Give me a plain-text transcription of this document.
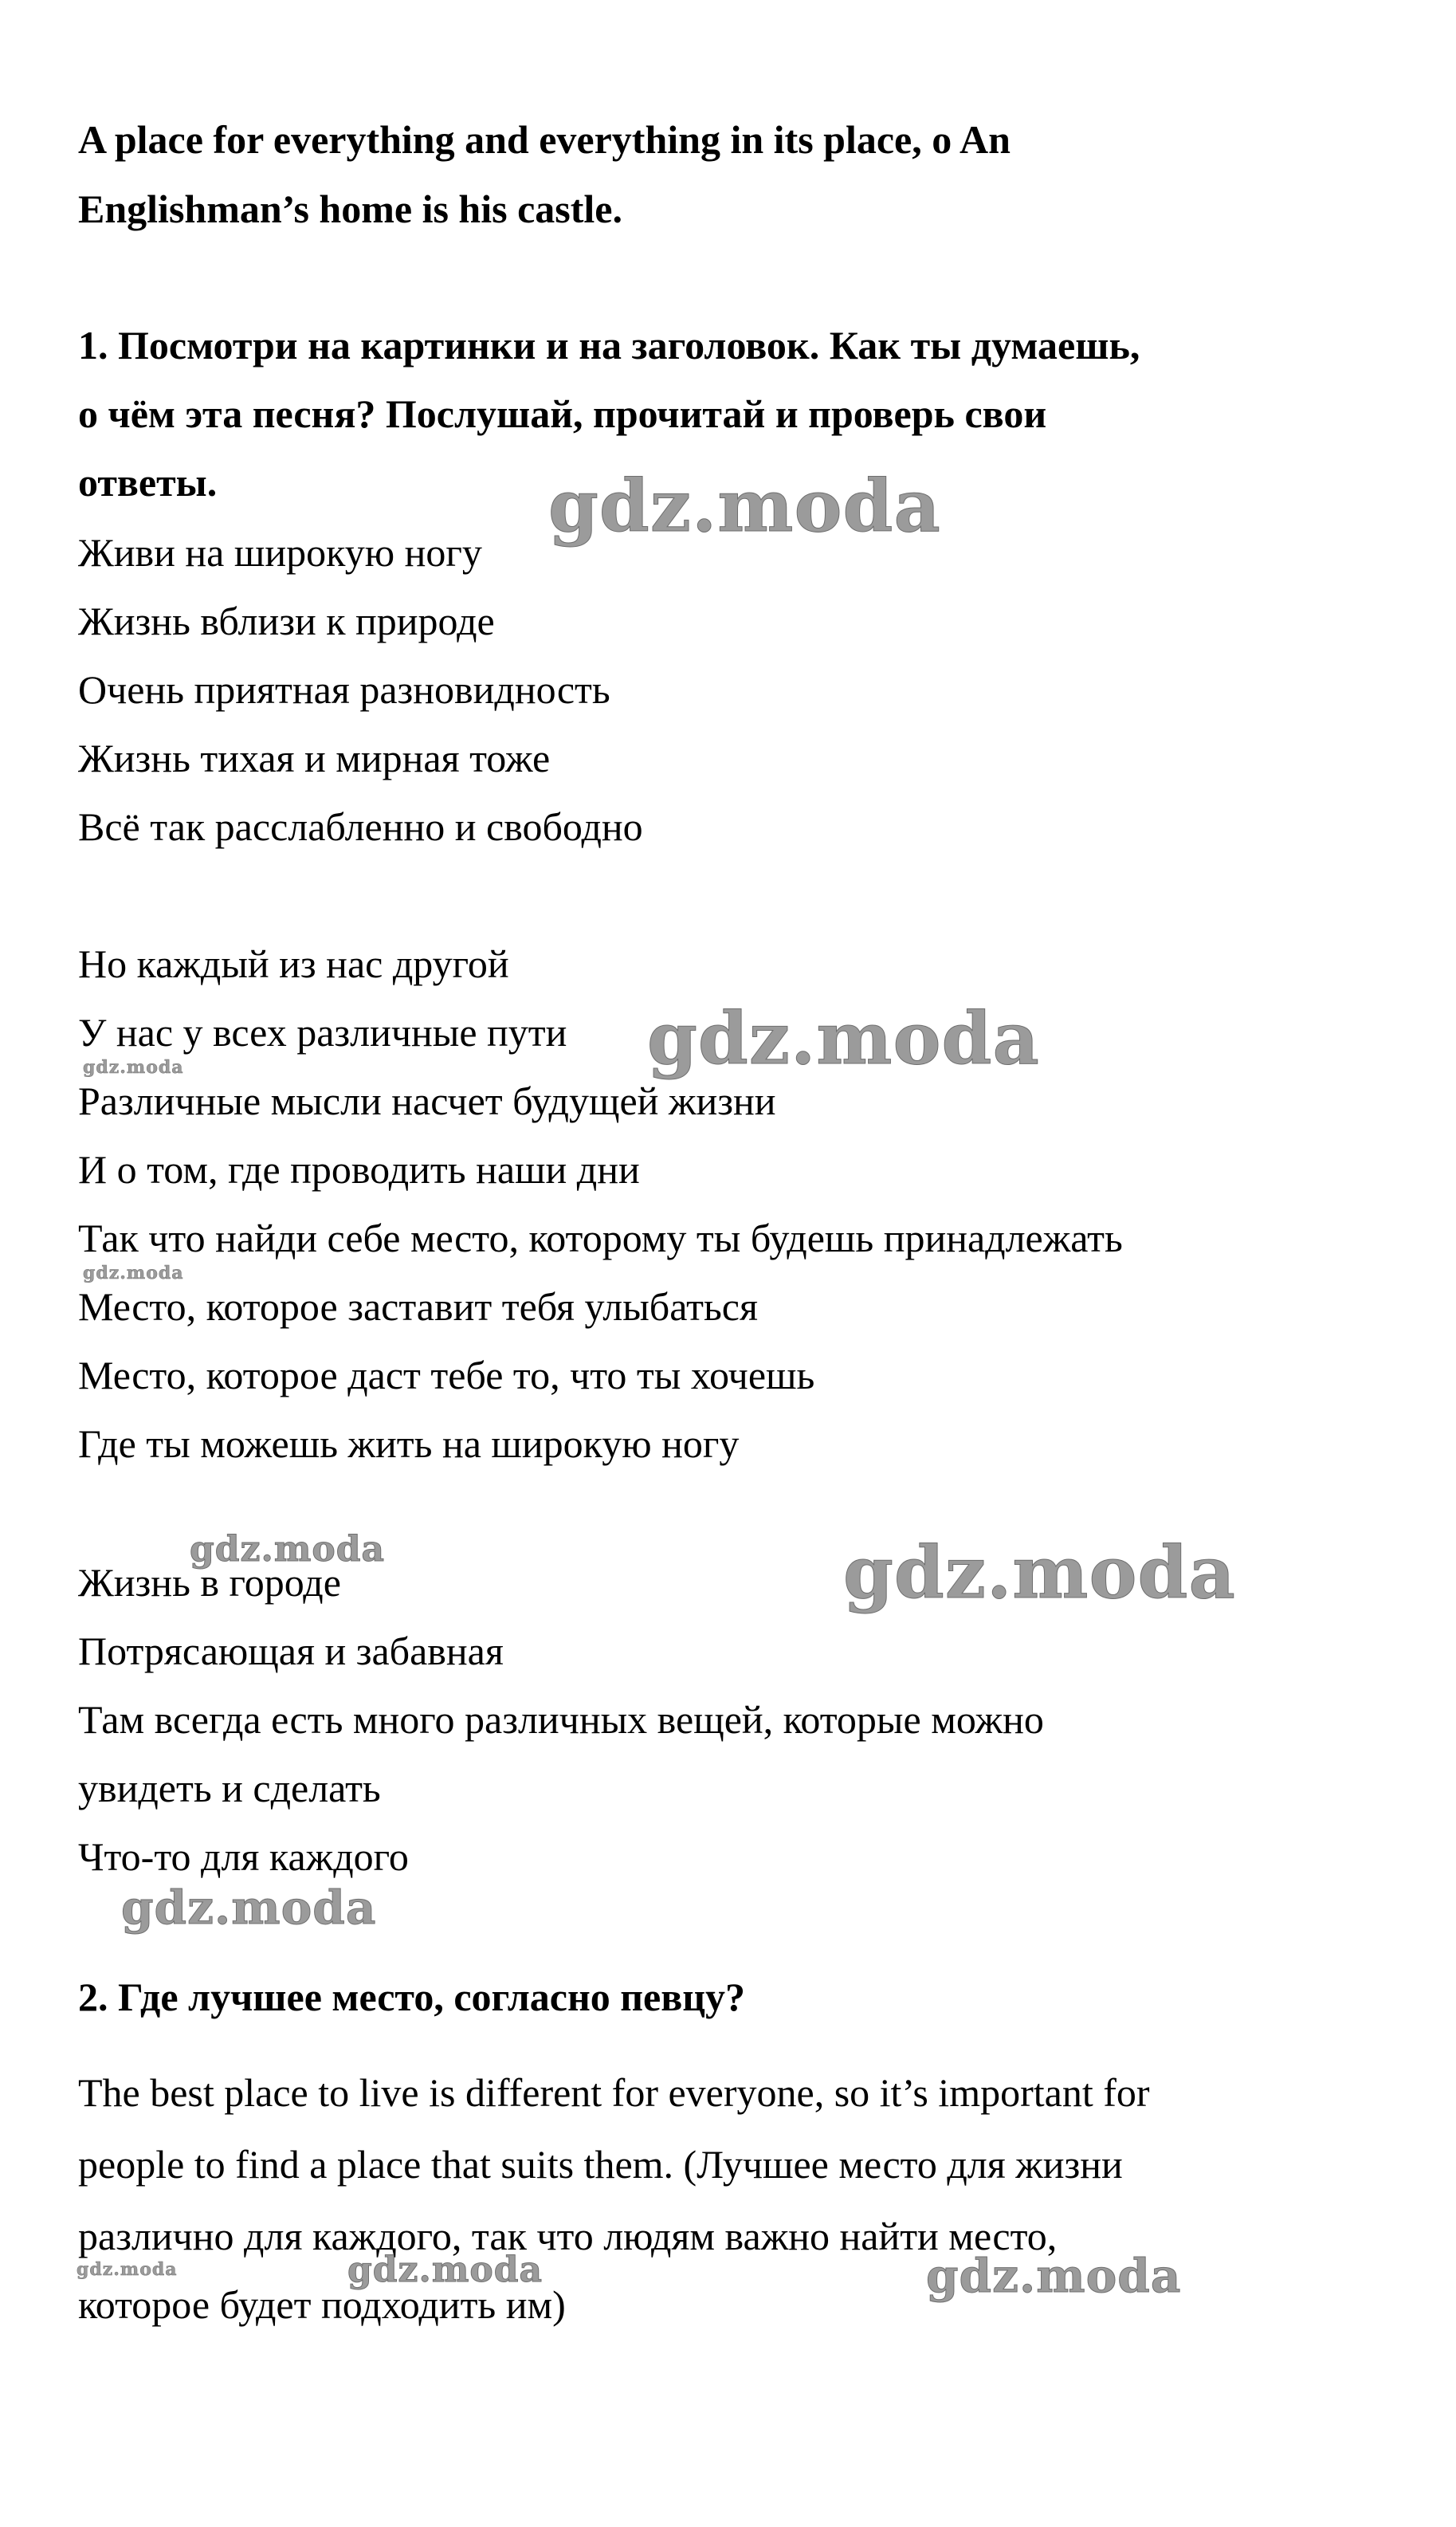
A place for everything and everything in its place, o An
Englishman’s home is his castle.
1. Посмотри на картинки и на заголовок. Как ты думаешь,
о чём эта песня? Послушай, прочитай и проверь свои
ответы.
Живи на широкую ногу
Жизнь вблизи к природе
Очень приятная разновидность
Жизнь тихая и мирная тоже
Всё так расслабленно и свободно
Но каждый из нас другой
У нас у всех различные пути
Различные мысли насчет будущей жизни
И о том, где проводить наши дни
Так что найди себе место, которому ты будешь принадлежать
Место, которое заставит тебя улыбаться
Место, которое даст тебе то, что ты хочешь
Где ты можешь жить на широкую ногу
Жизнь в городе
Потрясающая и забавная
Там всегда есть много различных вещей, которые можно
увидеть и сделать
Что-то для каждого
2. Где лучшее место, согласно певцу?
The best place to live is different for everyone, so it’s important for
people to find a place that suits them. (Лучшее место для жизни
различно для каждого, так что людям важно найти место,
которое будет подходить им)
gdz.moda
gdz.moda
gdz.moda
gdz.moda
gdz.moda	gdz.moda
gdz.moda
gdz.moda	gdz.moda	gdz.moda
